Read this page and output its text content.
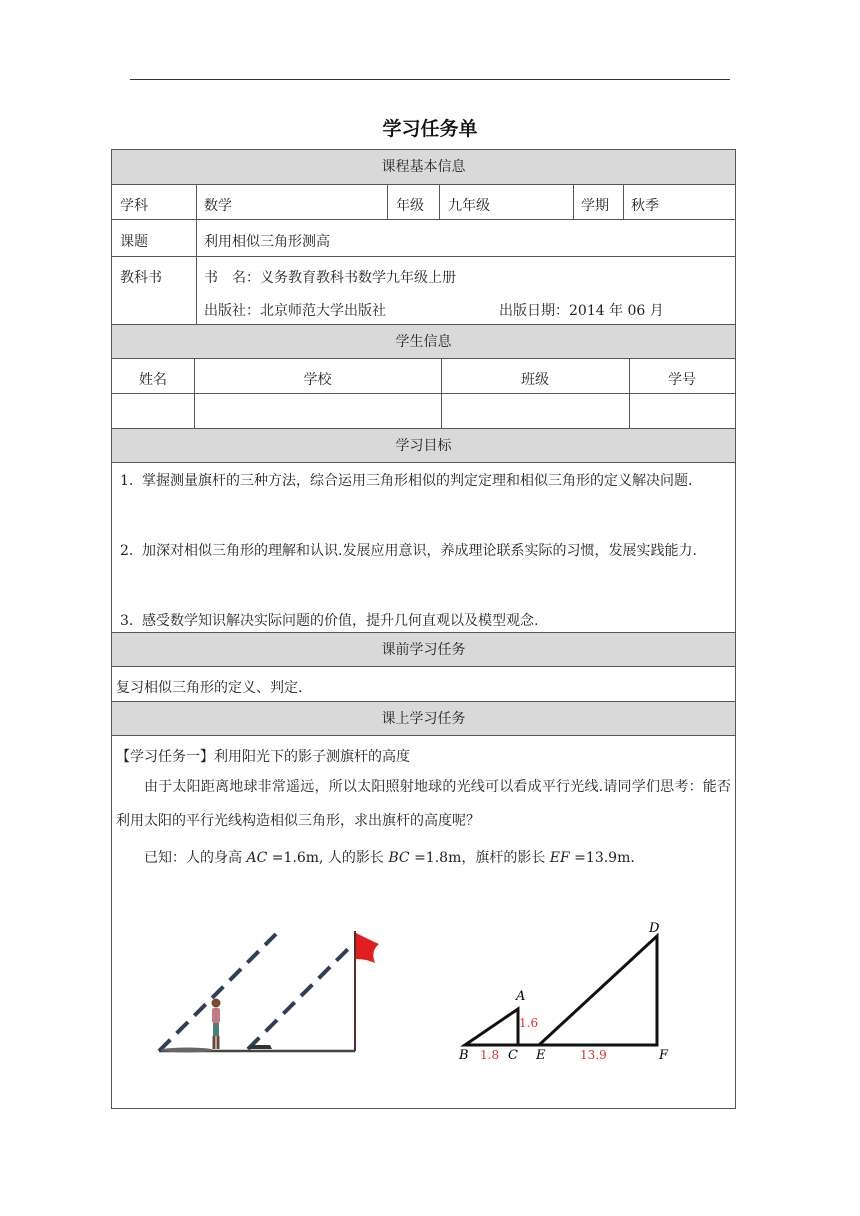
学习任务单
课程基本信息
学科	数学	年级 九年级	学期 秋季
课题	利用相似三角形测高
教科书	书　名：义务教育教科书数学九年级上册
出版社：北京师范大学出版社	出版日期：2014 年 06 月
学生信息
姓名	学校	班级	学号
学习目标
1. 掌握测量旗杆的三种方法，综合运用三角形相似的判定定理和相似三角形的定义解决问题.
2. 加深对相似三角形的理解和认识.发展应用意识，养成理论联系实际的习惯，发展实践能力.
3. 感受数学知识解决实际问题的价值，提升几何直观以及模型观念.
课前学习任务
复习相似三角形的定义、判定.
课上学习任务
【学习任务一】利用阳光下的影子测旗杆的高度
由于太阳距离地球非常遥远，所以太阳照射地球的光线可以看成平行光线.请同学们思考：能否利用太阳的平行光线构造相似三角形，求出旗杆的高度呢？
已知：人的身高 AC =1.6m, 人的影长 BC =1.8m，旗杆的影长 EF =13.9m.
A
B	C
D
E	F
1.6
1.8	13.9
